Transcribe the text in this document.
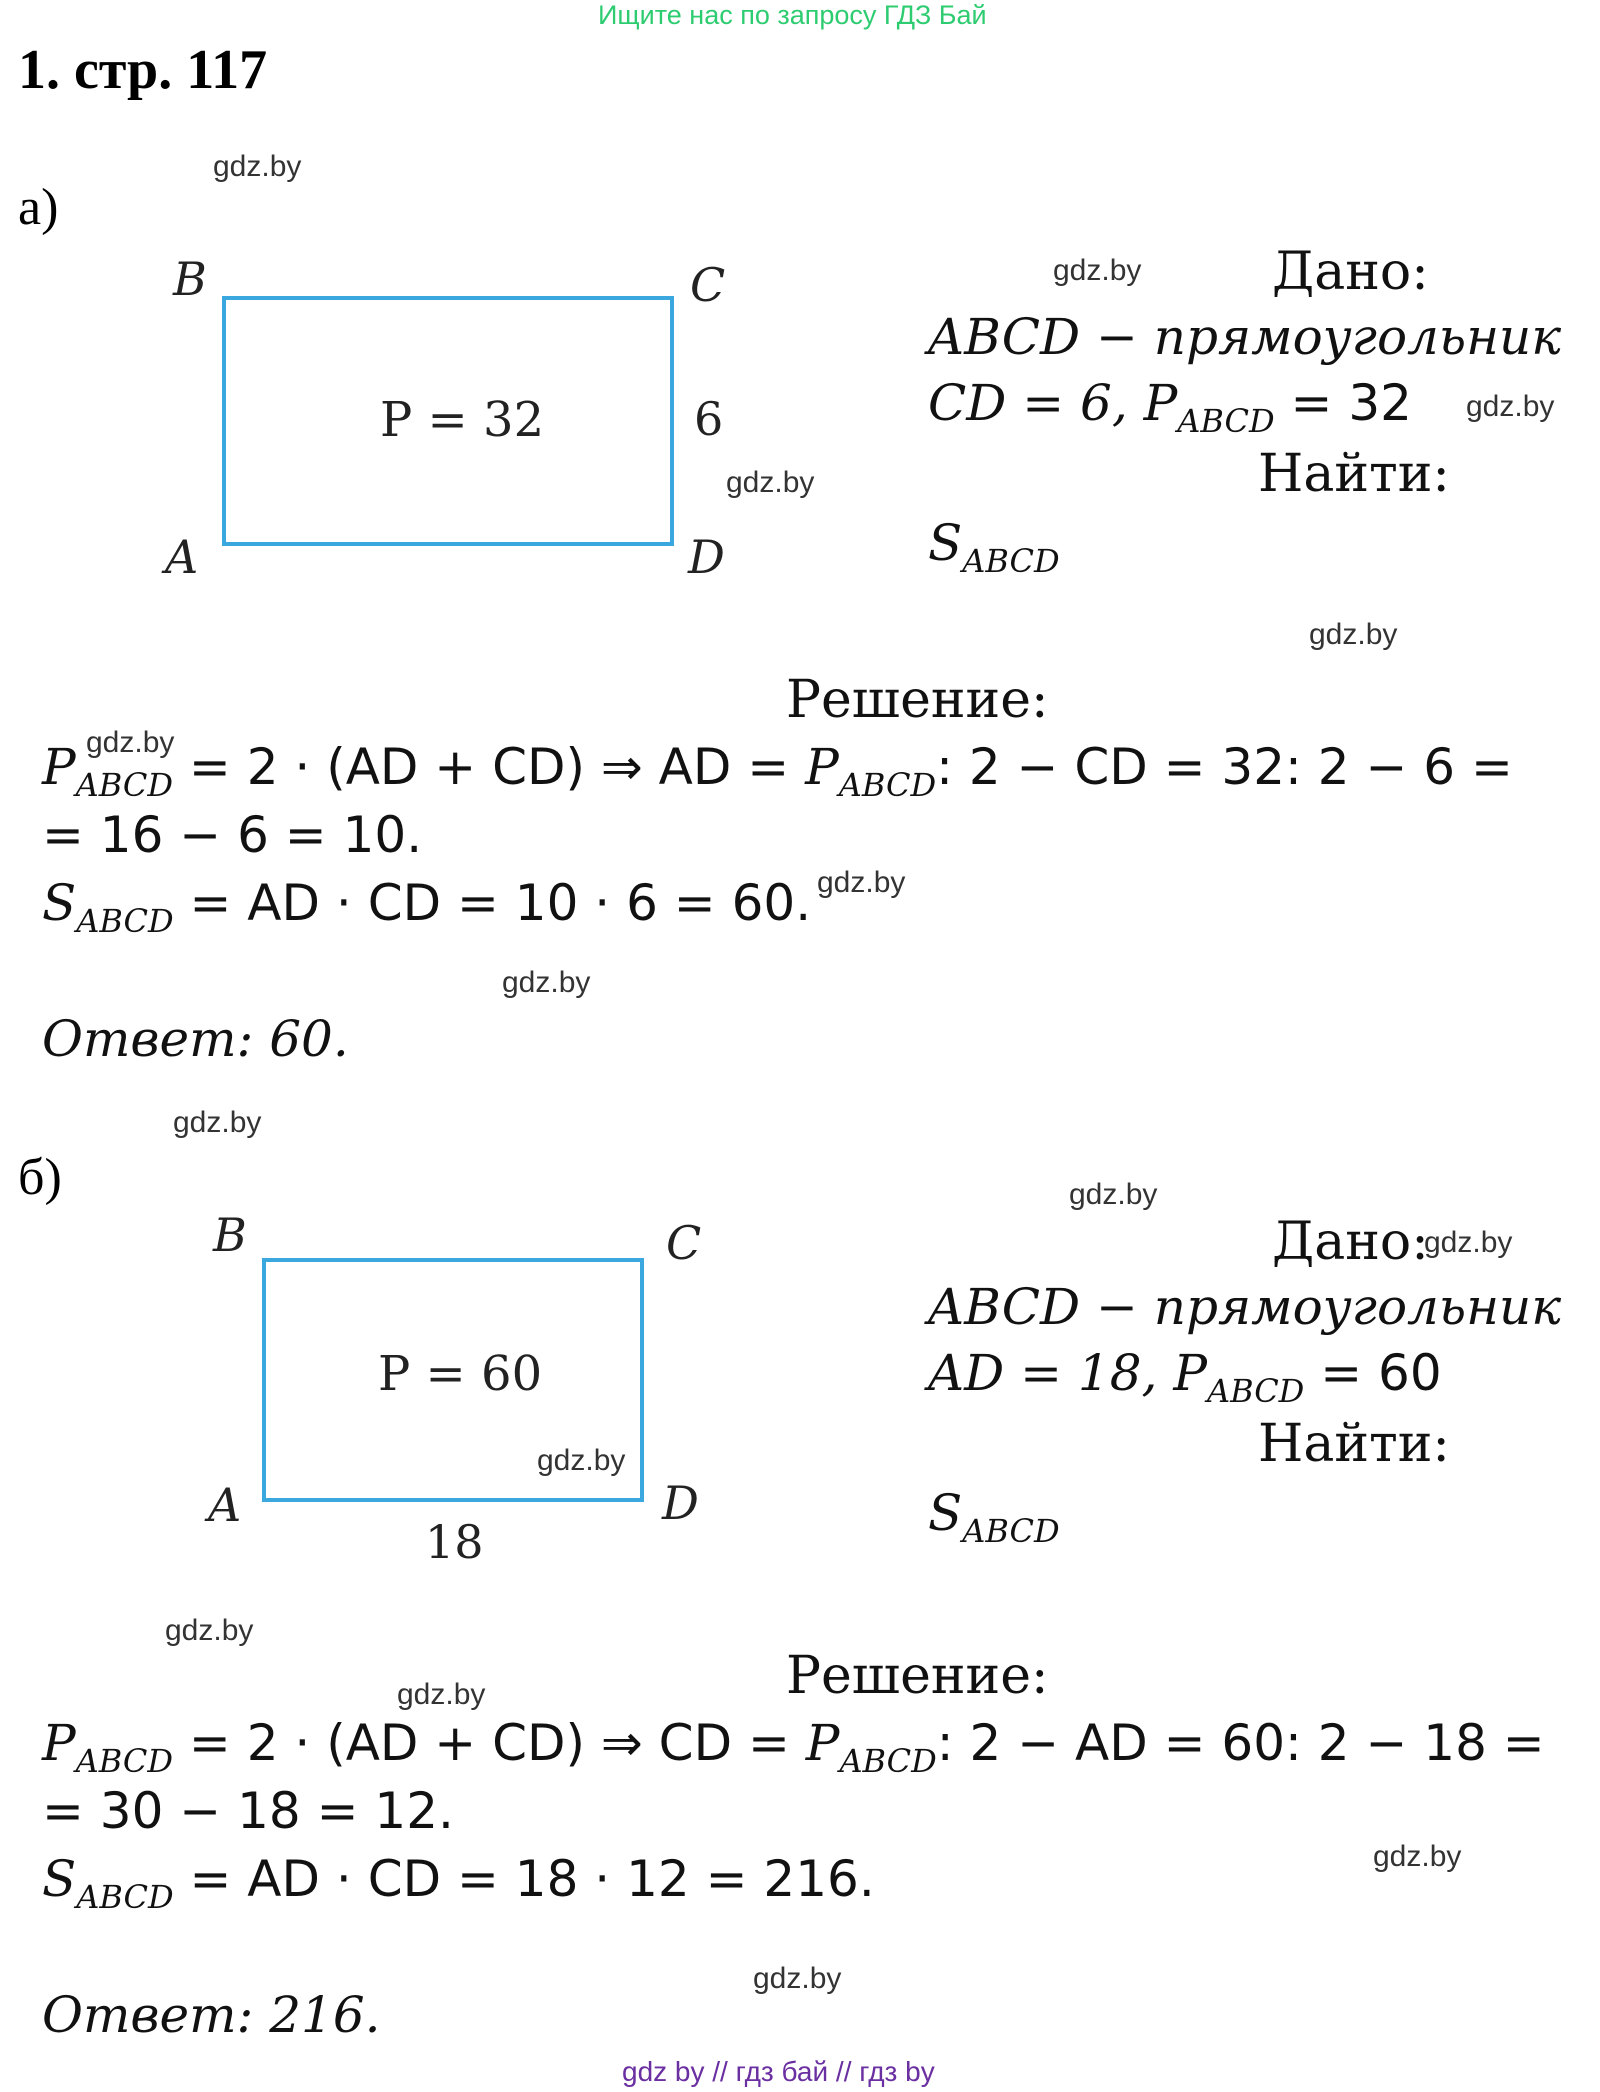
Ищите нас по запросу ГДЗ Бай
1. стр. 117
а)
B	C
A	D
P = 32	6
Дано:
ABCD − прямоугольник
CD = 6, $P_{ABCD} = 32$
Найти:
$S_{ABCD}$
Решение:
$P_{ABCD} = 2 \cdot (AD + CD)$ ⇒ AD = $P_{ABCD}$: 2 − CD = 32: 2 − 6 =
= 16 − 6 = 10.
$S_{ABCD}$ = AD · CD = 10 · 6 = 60.
Ответ: 60.
б)
B	C
A	D
P = 60
18
Дано:
ABCD − прямоугольник
AD = 18, $P_{ABCD} = 60$
Найти:
$S_{ABCD}$
Решение:
$P_{ABCD} = 2 \cdot (AD + CD)$ ⇒ CD = $P_{ABCD}$: 2 − AD = 60: 2 − 18 =
= 30 − 18 = 12.
$S_{ABCD}$ = AD · CD = 18 · 12 = 216.
Ответ: 216.
gdz.by
gdz.by
gdz.by
gdz.by
gdz.by
gdz.by
gdz.by
gdz.by
gdz.by
gdz.by
gdz.by
gdz.by
gdz.by
gdz.by
gdz.by
gdz.by
gdz by // гдз бай // гдз by
